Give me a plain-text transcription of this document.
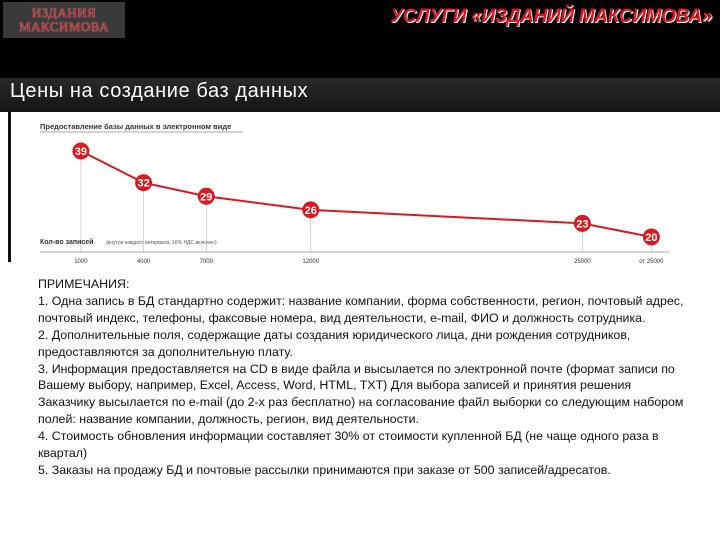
ИЗДАНИЯ
МАКСИМОВА	УСЛУГИ «ИЗДАНИЙ МАКСИМОВА»
Цены на создание баз данных
Предоставление базы данных в электронном виде
Кол-во записей	(внутри каждого интервала, 16% НДС включен)
1000	4000	7000	12000	25000	от 25000
39
32
29
26
23
20

ПРИМЕЧАНИЯ:

1. Одна запись в БД стандартно содержит: название компании, форма собственности, регион, почтовый адрес, почтовый индекс, телефоны, факсовые номера, вид деятельности, e-mail, ФИО и должность сотрудника.

2. Дополнительные поля, содержащие даты создания юридического лица, дни рождения сотрудников, предоставляются за дополнительную плату.

3. Информация предоставляется на CD в виде файла и высылается по электронной почте (формат записи по Вашему выбору, например, Excel, Access, Word, HTML, TXT) Для выбора записей и принятия решения Заказчику высылается по e-mail (до 2-х раз бесплатно) на согласование файл выборки со следующим набором полей: название компании, должность, регион, вид деятельности.

4. Стоимость обновления информации составляет 30% от стоимости купленной БД (не чаще одного раза в квартал)

5. Заказы на продажу БД и почтовые рассылки принимаются при заказе от 500 записей/адресатов.
